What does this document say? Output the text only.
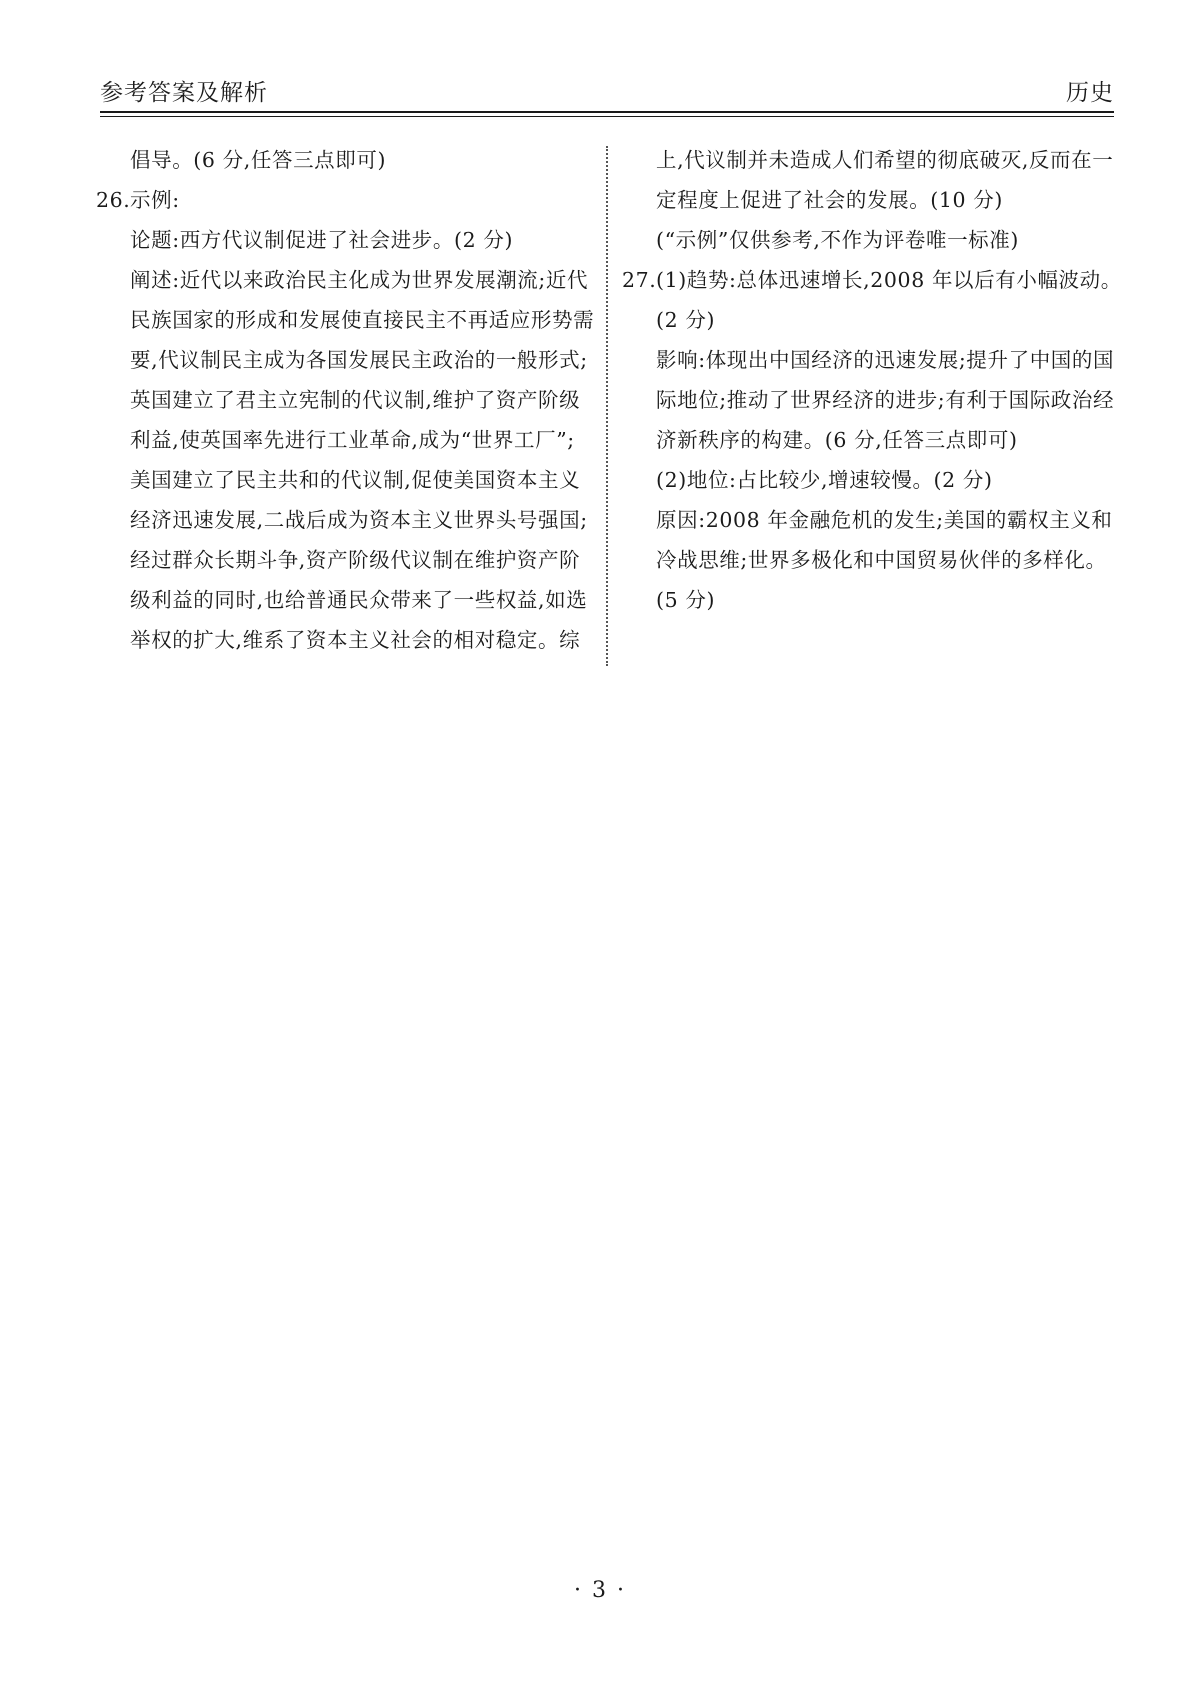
参考答案及解析	历史
倡导。(6 分,任答三点即可)
26.示例:
论题:西方代议制促进了社会进步。(2 分)
阐述:近代以来政治民主化成为世界发展潮流;近代
民族国家的形成和发展使直接民主不再适应形势需
要,代议制民主成为各国发展民主政治的一般形式;
英国建立了君主立宪制的代议制,维护了资产阶级
利益,使英国率先进行工业革命,成为“世界工厂”;
美国建立了民主共和的代议制,促使美国资本主义
经济迅速发展,二战后成为资本主义世界头号强国;
经过群众长期斗争,资产阶级代议制在维护资产阶
级利益的同时,也给普通民众带来了一些权益,如选
举权的扩大,维系了资本主义社会的相对稳定。综
上,代议制并未造成人们希望的彻底破灭,反而在一
定程度上促进了社会的发展。(10 分)
(“示例”仅供参考,不作为评卷唯一标准)
27.(1)趋势:总体迅速增长,2008 年以后有小幅波动。
(2 分)
影响:体现出中国经济的迅速发展;提升了中国的国
际地位;推动了世界经济的进步;有利于国际政治经
济新秩序的构建。(6 分,任答三点即可)
(2)地位:占比较少,增速较慢。(2 分)
原因:2008 年金融危机的发生;美国的霸权主义和
冷战思维;世界多极化和中国贸易伙伴的多样化。
(5 分)
· 3 ·
